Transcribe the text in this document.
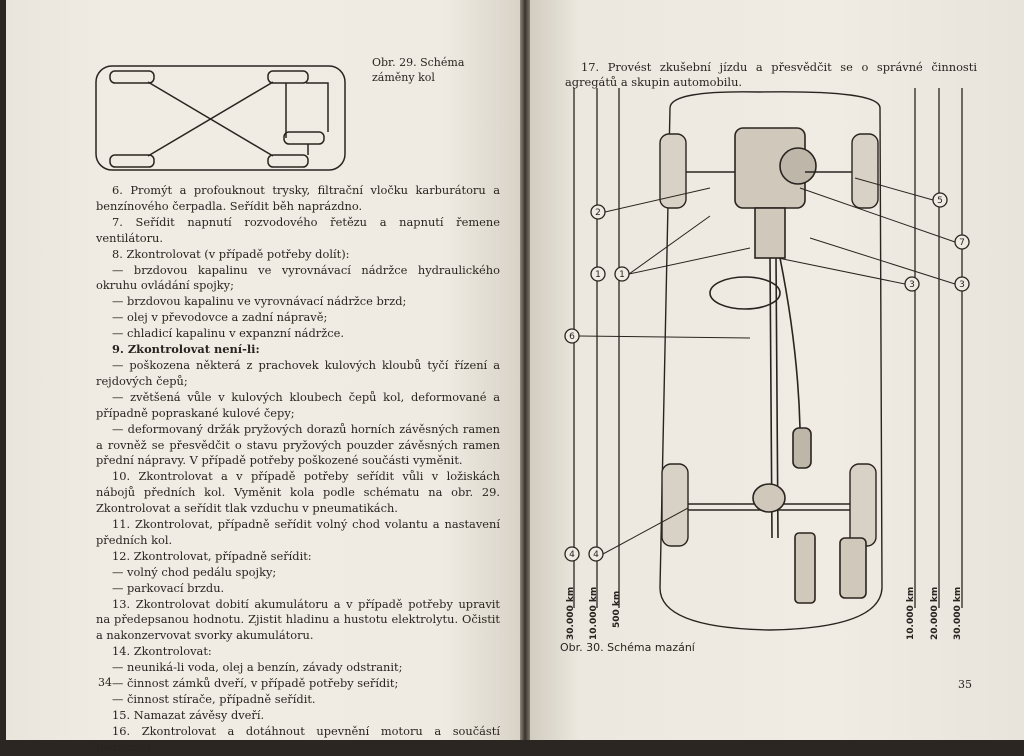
Obr. 29. Schéma záměny kol

6. Promýt a profouknout trysky, filtrační vločku karburátoru a benzínového čerpadla. Seřídit běh naprázdno.

7. Seřídit napnutí rozvodového řetězu a napnutí řemene ventilátoru.

8. Zkontrolovat (v případě potřeby dolít):

— brzdovou kapalinu ve vyrovnávací nádržce hydraulického okruhu ovládání spojky;

— brzdovou kapalinu ve vyrovnávací nádržce brzd;

— olej v převodovce a zadní nápravě;

— chladicí kapalinu v expanzní nádržce.

9. Zkontrolovat není-li:

— poškozena některá z prachovek kulových kloubů tyčí řízení a rejdových čepů;

— zvětšená vůle v kulových kloubech čepů kol, deformované a případně popraskané kulové čepy;

— deformovaný držák pryžových dorazů horních závěsných ramen a rovněž se přesvědčit o stavu pryžových pouzder závěsných ramen přední nápravy. V případě potřeby poškozené součásti vyměnit.

10. Zkontrolovat a v případě potřeby seřídit vůli v ložiskách nábojů předních kol. Vyměnit kola podle schématu na obr. 29. Zkontrolovat a seřídit tlak vzduchu v pneumatikách.

11. Zkontrolovat, případně seřídit volný chod volantu a nastavení předních kol.

12. Zkontrolovat, případně seřídit:

— volný chod pedálu spojky;

— parkovací brzdu.

13. Zkontrolovat dobití akumulátoru a v případě potřeby upravit na předepsanou hodnotu. Zjistit hladinu a hustotu elektrolytu. Očistit a nakonzervovat svorky akumulátoru.

14. Zkontrolovat:

— neuniká-li voda, olej a benzín, závady odstranit;

— činnost zámků dveří, v případě potřeby seřídit;

— činnost stírače, případně seřídit.

15. Namazat závěsy dveří.

16. Zkontrolovat a dotáhnout upevnění motoru a součástí podvozku.

34

17. Provést zkušební jízdu a přesvědčit se o správné činnosti agregátů a skupin automobilu.

2
1 1
6
4 4
5
7
3	3
30.000 km 10.000 km 500 km	10.000 km 20.000 km 30.000 km
Obr. 30. Schéma mazání
35
